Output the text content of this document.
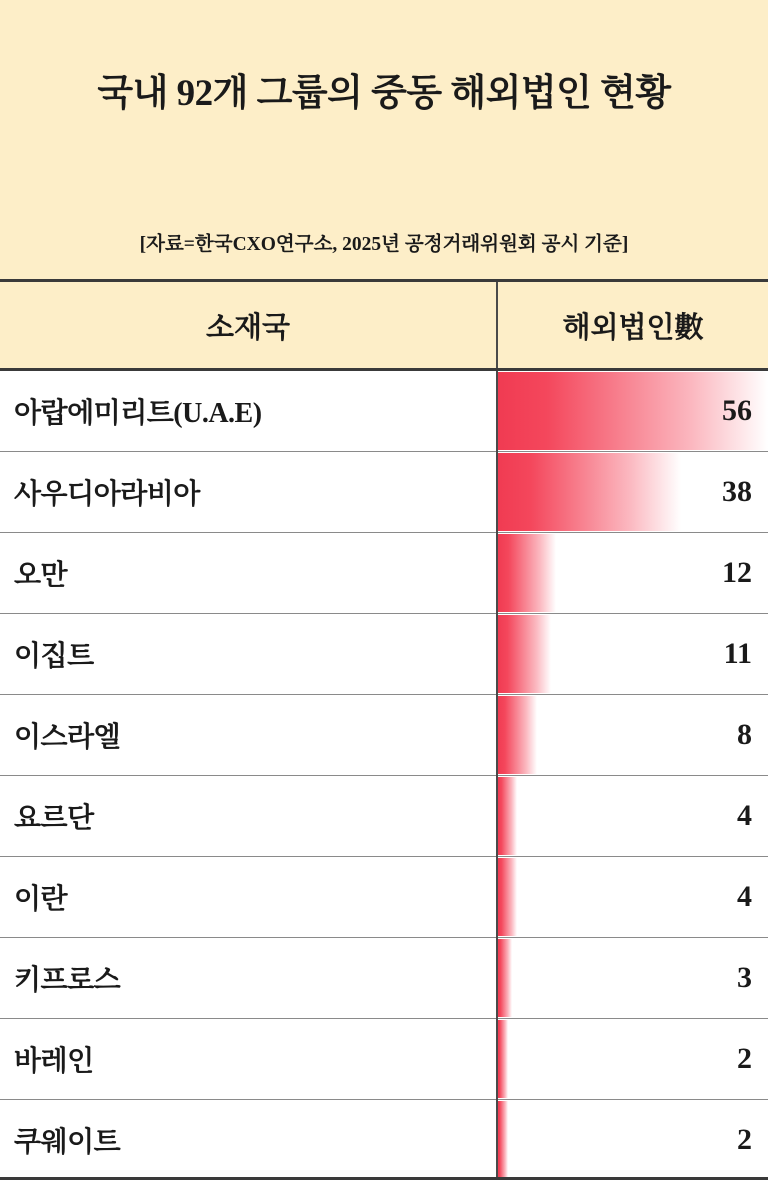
국내 92개 그룹의 중동 해외법인 현황
[자료=한국CXO연구소, 2025년 공정거래위원회 공시 기준]
소재국	해외법인數
아랍에미리트(U.A.E)	56

사우디아라비아	38

오만	12

이집트	11

이스라엘	8

요르단	4

이란	4

키프로스	3

바레인	2

쿠웨이트	2
